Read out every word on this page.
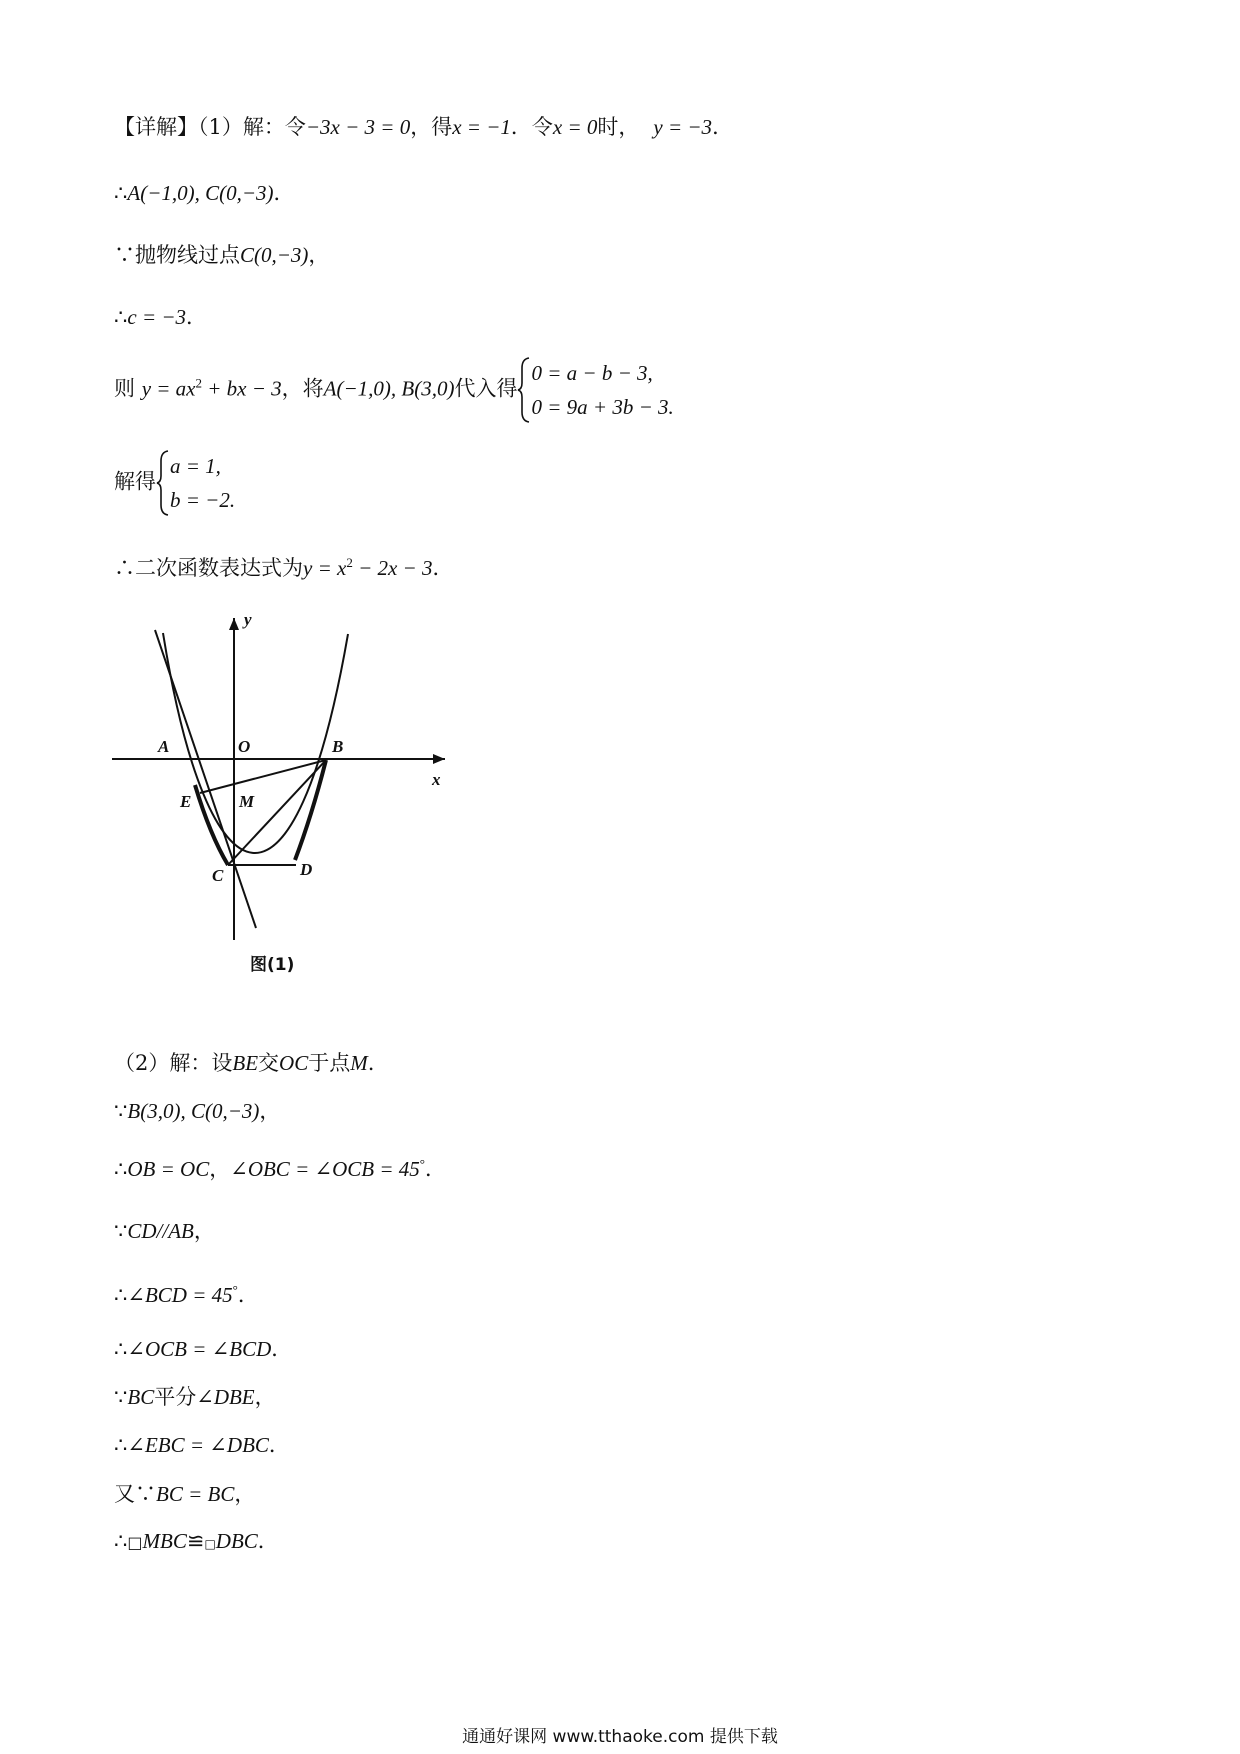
【详解】（1）解：令−3x − 3 = 0，得x = −1．令x = 0时， y = −3．
∴A(−1,0), C(0,−3)．
∵抛物线过点C(0,−3)，
∴c = −3．
则 $y = ax^2$ + bx − 3，将A(−1,0), B(3,0)代入得
0 = a − b − 3,
0 = 9a + 3b − 3.
解得
a = 1,
b = −2.
∴二次函数表达式为$y = x^2 - 2x - 3$．
y
x
A	O	B
E	M
C	D
图(1)
（2）解：设BE交OC于点M.
∵B(3,0), C(0,−3)，
∴OB = OC，∠OBC = ∠OCB = 45°．
∵CD//AB，
∴∠BCD = 45°．
∴∠OCB = ∠BCD．
∵BC平分∠DBE，
∴∠EBC = ∠DBC．
又∵BC = BC，
∴□MBC≌□DBC．
通通好课网 www.tthaoke.com 提供下载
